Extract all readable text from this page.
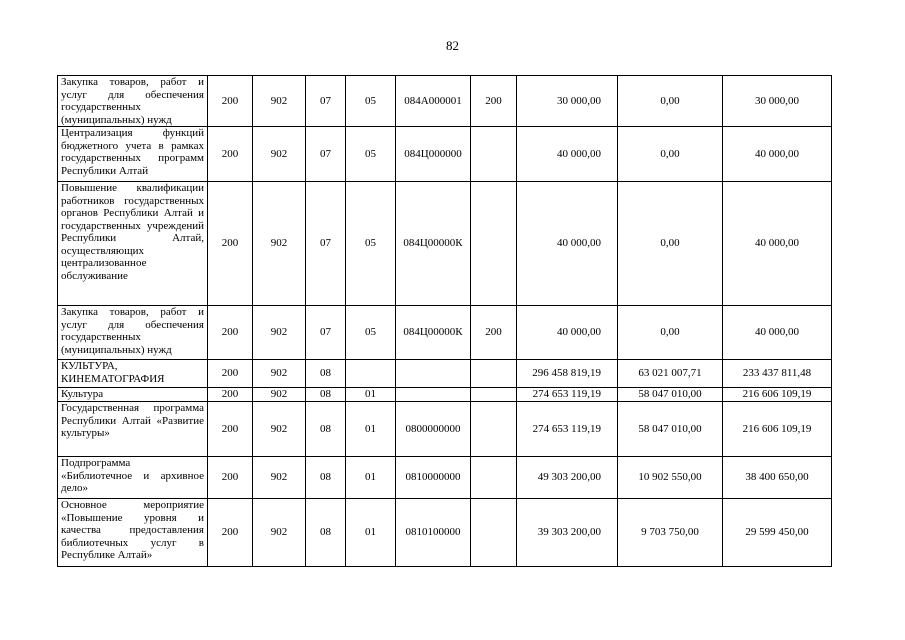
82
Закупка товаров, работ и услуг для обеспечения государственных (муниципальных) нужд	200	902	07	05	084А000001	200	30 000,00	0,00	30 000,00
Централизация функций бюджетного учета в рамках государственных программ Республики Алтай	200	902	07	05	084Ц000000		40 000,00	0,00	40 000,00
Повышение квалификации работников государственных органов Республики Алтай и государственных учреждений Республики Алтай, осуществляющих централизованное обслуживание	200	902	07	05	084Ц00000К		40 000,00	0,00	40 000,00
Закупка товаров, работ и услуг для обеспечения государственных (муниципальных) нужд	200	902	07	05	084Ц00000К	200	40 000,00	0,00	40 000,00
КУЛЬТУРА, КИНЕМАТОГРАФИЯ	200	902	08				296 458 819,19	63 021 007,71	233 437 811,48
Культура	200	902	08	01			274 653 119,19	58 047 010,00	216 606 109,19
Государственная программа Республики Алтай «Развитие культуры»	200	902	08	01	0800000000		274 653 119,19	58 047 010,00	216 606 109,19
Подпрограмма «Библиотечное и архивное дело»	200	902	08	01	0810000000		49 303 200,00	10 902 550,00	38 400 650,00
Основное мероприятие «Повышение уровня и качества предоставления библиотечных услуг в Республике Алтай»	200	902	08	01	0810100000		39 303 200,00	9 703 750,00	29 599 450,00
